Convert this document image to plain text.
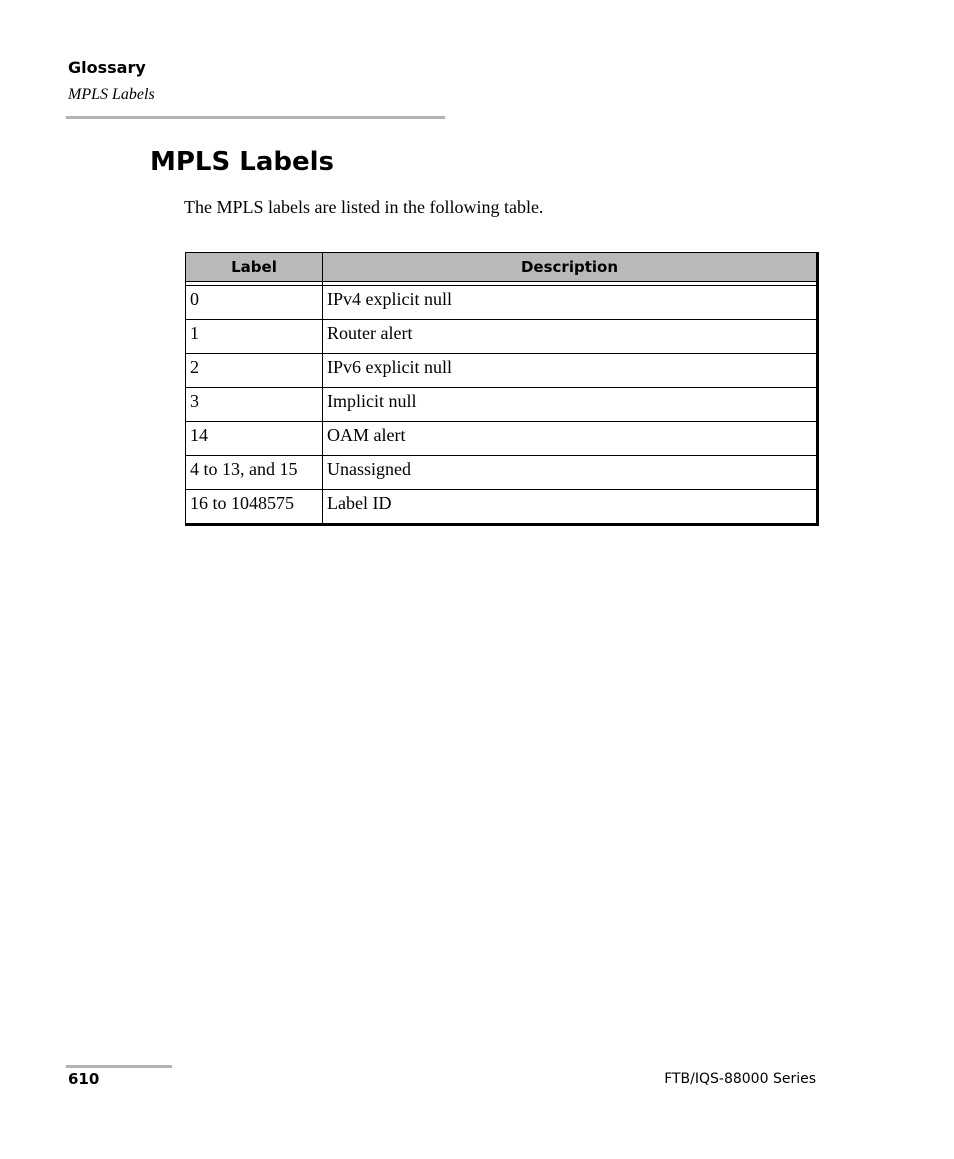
Glossary
MPLS Labels
MPLS Labels

The MPLS labels are listed in the following table.

Label	Description

0	IPv4 explicit null
1	Router alert
2	IPv6 explicit null
3	Implicit null
14	OAM alert
4 to 13, and 15	Unassigned
16 to 1048575	Label ID
610	FTB/IQS-88000 Series
